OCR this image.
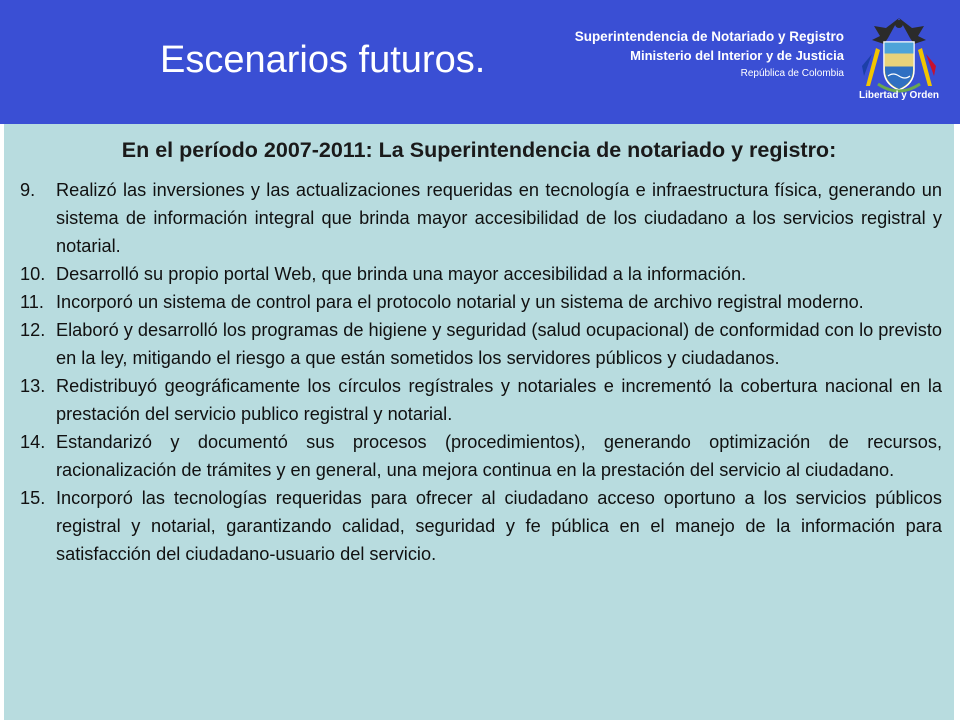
Escenarios futuros.
Superintendencia de Notariado y Registro
Ministerio del Interior y de Justicia
República de Colombia
Libertad y Orden
En el período 2007-2011: La Superintendencia de notariado y registro:
9.	Realizó las inversiones y las actualizaciones requeridas en tecnología e infraestructura física, generando un sistema de información integral que brinda mayor accesibilidad de los ciudadano a los servicios registral y notarial.
10. Desarrolló su propio portal Web, que brinda una mayor accesibilidad a la información.
11. Incorporó un sistema de control para el protocolo notarial y un sistema de archivo registral moderno.
12. Elaboró y desarrolló los programas de higiene y seguridad (salud ocupacional) de conformidad con lo previsto en la ley, mitigando el riesgo a que están sometidos los servidores públicos y ciudadanos.
13. Redistribuyó geográficamente los círculos regístrales y notariales e incrementó la cobertura nacional en la prestación del servicio publico registral y notarial.
14. Estandarizó y documentó sus procesos (procedimientos), generando optimización de recursos, racionalización de trámites y en general, una mejora continua en la prestación del servicio al ciudadano.
15. Incorporó las tecnologías requeridas para ofrecer al ciudadano acceso oportuno a los servicios públicos registral y notarial, garantizando calidad, seguridad y fe pública en el manejo de la información para satisfacción del ciudadano-usuario del servicio.
